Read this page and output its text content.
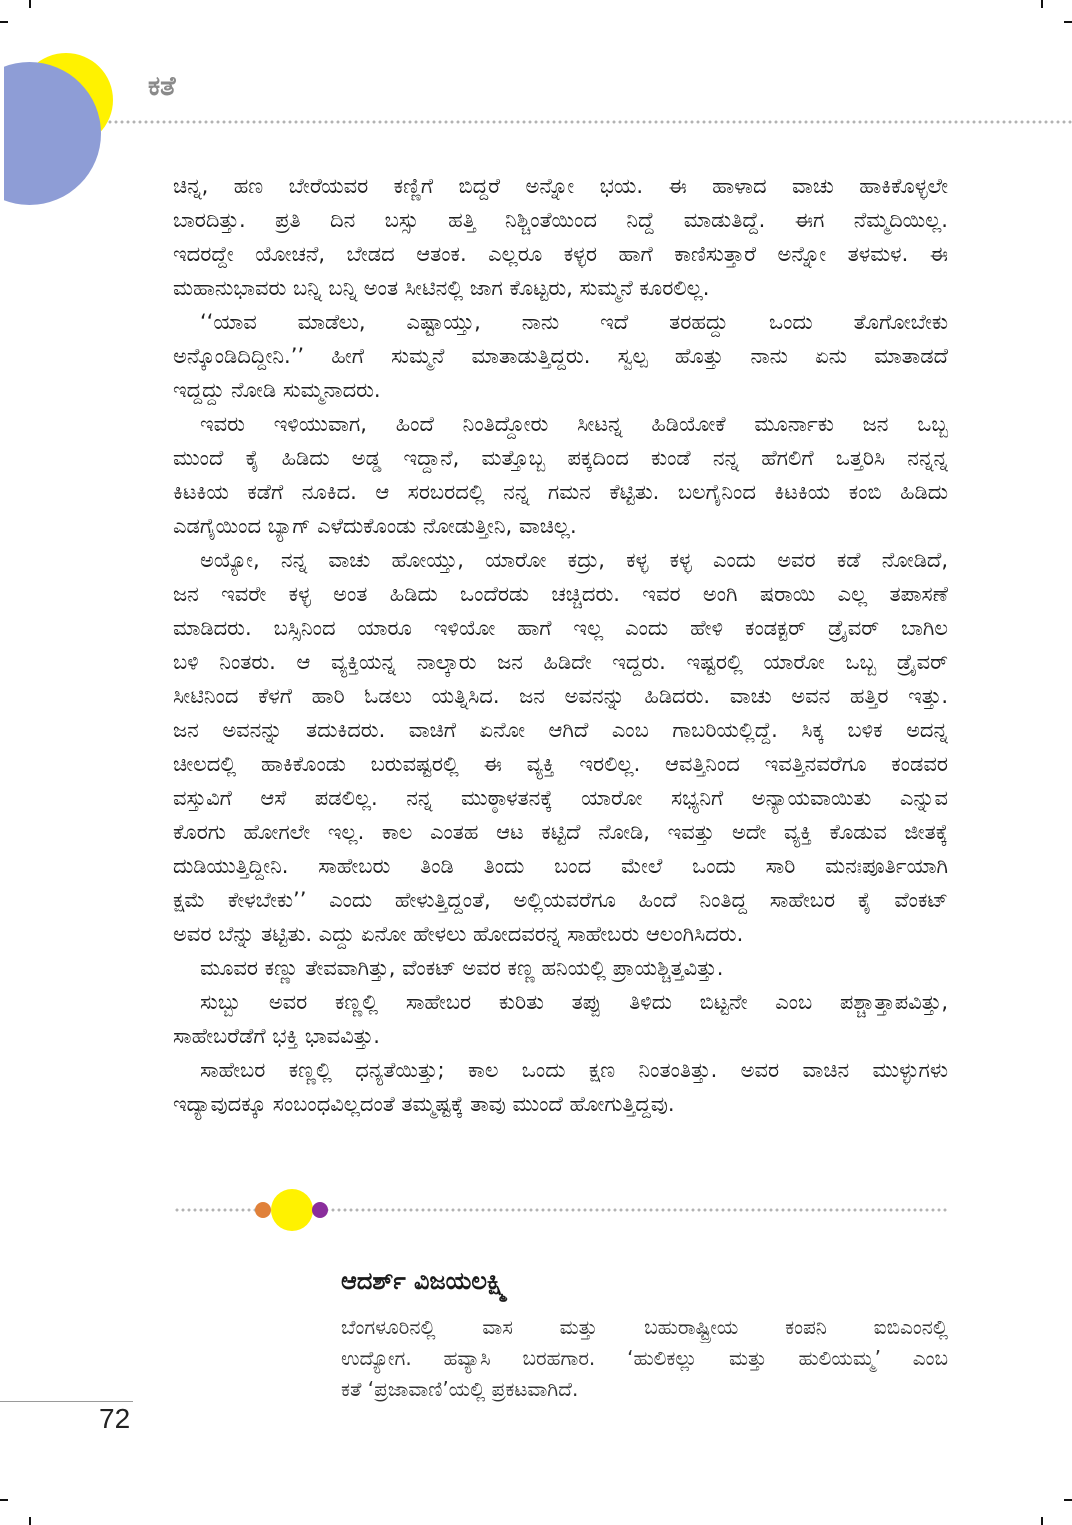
ಕತೆ
ಚಿನ್ನ, ಹಣ ಬೇರೆಯವರ ಕಣ್ಣಿಗೆ ಬಿದ್ದರೆ ಅನ್ನೋ ಭಯ. ಈ ಹಾಳಾದ ವಾಚು ಹಾಕಿಕೊಳ್ಳಲೇ
ಬಾರದಿತ್ತು. ಪ್ರತಿ ದಿನ ಬಸ್ಸು ಹತ್ತಿ ನಿಶ್ಚಿಂತೆಯಿಂದ ನಿದ್ದೆ ಮಾಡುತಿದ್ದೆ. ಈಗ ನೆಮ್ಮದಿಯಿಲ್ಲ.
ಇದರದ್ದೇ ಯೋಚನೆ, ಬೇಡದ ಆತಂಕ. ಎಲ್ಲರೂ ಕಳ್ಳರ ಹಾಗೆ ಕಾಣಿಸುತ್ತಾರೆ ಅನ್ನೋ ತಳಮಳ. ಈ
ಮಹಾನುಭಾವರು ಬನ್ನಿ ಬನ್ನಿ ಅಂತ ಸೀಟಿನಲ್ಲಿ ಜಾಗ ಕೊಟ್ಟರು, ಸುಮ್ಮನೆ ಕೂರಲಿಲ್ಲ.
‘‘ಯಾವ ಮಾಡೆಲು, ಎಷ್ಟಾಯ್ತು, ನಾನು ಇದೆ ತರಹದ್ದು ಒಂದು ತೊಗೋಬೇಕು
ಅನ್ಕೊಂಡಿದಿದ್ದೀನಿ.’’ ಹೀಗೆ ಸುಮ್ಮನೆ ಮಾತಾಡುತ್ತಿದ್ದರು. ಸ್ವಲ್ಪ ಹೊತ್ತು ನಾನು ಏನು ಮಾತಾಡದೆ
ಇದ್ದದ್ದು ನೋಡಿ ಸುಮ್ಮನಾದರು.
ಇವರು ಇಳಿಯುವಾಗ, ಹಿಂದೆ ನಿಂತಿದ್ದೋರು ಸೀಟನ್ನ ಹಿಡಿಯೋಕೆ ಮೂರ್ನಾಕು ಜನ ಒಬ್ಬ
ಮುಂದೆ ಕೈ ಹಿಡಿದು ಅಡ್ಡ ಇದ್ದಾನೆ, ಮತ್ತೊಬ್ಬ ಪಕ್ಕದಿಂದ ಕುಂಡೆ ನನ್ನ ಹೆಗಲಿಗೆ ಒತ್ತರಿಸಿ ನನ್ನನ್ನ
ಕಿಟಕಿಯ ಕಡೆಗೆ ನೂಕಿದ. ಆ ಸರಬರದಲ್ಲಿ ನನ್ನ ಗಮನ ಕೆಟ್ಟಿತು. ಬಲಗೈನಿಂದ ಕಿಟಕಿಯ ಕಂಬಿ ಹಿಡಿದು
ಎಡಗೈಯಿಂದ ಬ್ಯಾಗ್ ಎಳೆದುಕೊಂಡು ನೋಡುತ್ತೀನಿ, ವಾಚಿಲ್ಲ.
ಅಯ್ಯೋ, ನನ್ನ ವಾಚು ಹೋಯ್ತು, ಯಾರೋ ಕದ್ರು, ಕಳ್ಳ ಕಳ್ಳ ಎಂದು ಅವರ ಕಡೆ ನೋಡಿದೆ,
ಜನ ಇವರೇ ಕಳ್ಳ ಅಂತ ಹಿಡಿದು ಒಂದೆರಡು ಚಚ್ಚಿದರು. ಇವರ ಅಂಗಿ ಷರಾಯಿ ಎಲ್ಲ ತಪಾಸಣೆ
ಮಾಡಿದರು. ಬಸ್ಸಿನಿಂದ ಯಾರೂ ಇಳಿಯೋ ಹಾಗೆ ಇಲ್ಲ ಎಂದು ಹೇಳಿ ಕಂಡಕ್ಟರ್ ಡ್ರೈವರ್ ಬಾಗಿಲ
ಬಳಿ ನಿಂತರು. ಆ ವ್ಯಕ್ತಿಯನ್ನ ನಾಲ್ಕಾರು ಜನ ಹಿಡಿದೇ ಇದ್ದರು. ಇಷ್ಟರಲ್ಲಿ ಯಾರೋ ಒಬ್ಬ ಡ್ರೈವರ್
ಸೀಟಿನಿಂದ ಕೆಳಗೆ ಹಾರಿ ಓಡಲು ಯತ್ನಿಸಿದ. ಜನ ಅವನನ್ನು ಹಿಡಿದರು. ವಾಚು ಅವನ ಹತ್ತಿರ ಇತ್ತು.
ಜನ ಅವನನ್ನು ತದುಕಿದರು. ವಾಚಿಗೆ ಏನೋ ಆಗಿದೆ ಎಂಬ ಗಾಬರಿಯಲ್ಲಿದ್ದೆ. ಸಿಕ್ಕ ಬಳಿಕ ಅದನ್ನ
ಚೀಲದಲ್ಲಿ ಹಾಕಿಕೊಂಡು ಬರುವಷ್ಟರಲ್ಲಿ ಈ ವ್ಯಕ್ತಿ ಇರಲಿಲ್ಲ. ಆವತ್ತಿನಿಂದ ಇವತ್ತಿನವರೆಗೂ ಕಂಡವರ
ವಸ್ತುವಿಗೆ ಆಸೆ ಪಡಲಿಲ್ಲ. ನನ್ನ ಮುಠ್ಠಾಳತನಕ್ಕೆ ಯಾರೋ ಸಭ್ಯನಿಗೆ ಅನ್ಯಾಯವಾಯಿತು ಎನ್ನುವ
ಕೊರಗು ಹೋಗಲೇ ಇಲ್ಲ. ಕಾಲ ಎಂತಹ ಆಟ ಕಟ್ಟಿದೆ ನೋಡಿ, ಇವತ್ತು ಅದೇ ವ್ಯಕ್ತಿ ಕೊಡುವ ಜೀತಕ್ಕೆ
ದುಡಿಯುತ್ತಿದ್ದೀನಿ. ಸಾಹೇಬರು ತಿಂಡಿ ತಿಂದು ಬಂದ ಮೇಲೆ ಒಂದು ಸಾರಿ ಮನಃಪೂರ್ತಿಯಾಗಿ
ಕ್ಷಮೆ ಕೇಳಬೇಕು’’ ಎಂದು ಹೇಳುತ್ತಿದ್ದಂತೆ, ಅಲ್ಲಿಯವರೆಗೂ ಹಿಂದೆ ನಿಂತಿದ್ದ ಸಾಹೇಬರ ಕೈ ವೆಂಕಟ್
ಅವರ ಬೆನ್ನು ತಟ್ಟಿತು. ಎದ್ದು ಏನೋ ಹೇಳಲು ಹೋದವರನ್ನ ಸಾಹೇಬರು ಆಲಂಗಿಸಿದರು.
ಮೂವರ ಕಣ್ಣು ತೇವವಾಗಿತ್ತು, ವೆಂಕಟ್ ಅವರ ಕಣ್ಣ ಹನಿಯಲ್ಲಿ ಪ್ರಾಯಶ್ಚಿತ್ತವಿತ್ತು.
ಸುಬ್ಬು ಅವರ ಕಣ್ಣಲ್ಲಿ ಸಾಹೇಬರ ಕುರಿತು ತಪ್ಪು ತಿಳಿದು ಬಿಟ್ಟನೇ ಎಂಬ ಪಶ್ಚಾತ್ತಾಪವಿತ್ತು,
ಸಾಹೇಬರೆಡೆಗೆ ಭಕ್ತಿ ಭಾವವಿತ್ತು.
ಸಾಹೇಬರ ಕಣ್ಣಲ್ಲಿ ಧನ್ಯತೆಯಿತ್ತು; ಕಾಲ ಒಂದು ಕ್ಷಣ ನಿಂತಂತಿತ್ತು. ಅವರ ವಾಚಿನ ಮುಳ್ಳುಗಳು
ಇದ್ಯಾವುದಕ್ಕೂ ಸಂಬಂಧವಿಲ್ಲದಂತೆ ತಮ್ಮಷ್ಟಕ್ಕೆ ತಾವು ಮುಂದೆ ಹೋಗುತ್ತಿದ್ದವು.
ಆದರ್ಶ್ ವಿಜಯಲಕ್ಷ್ಮಿ
ಬೆಂಗಳೂರಿನಲ್ಲಿ ವಾಸ ಮತ್ತು ಬಹುರಾಷ್ಟ್ರೀಯ ಕಂಪನಿ ಐಬಿಎಂನಲ್ಲಿ
ಉದ್ಯೋಗ. ಹವ್ಯಾಸಿ ಬರಹಗಾರ. ‘ಹುಲಿಕಲ್ಲು ಮತ್ತು ಹುಲಿಯಮ್ಮ’ ಎಂಬ
ಕತೆ ‘ಪ್ರಜಾವಾಣಿ’ಯಲ್ಲಿ ಪ್ರಕಟವಾಗಿದೆ.
72
